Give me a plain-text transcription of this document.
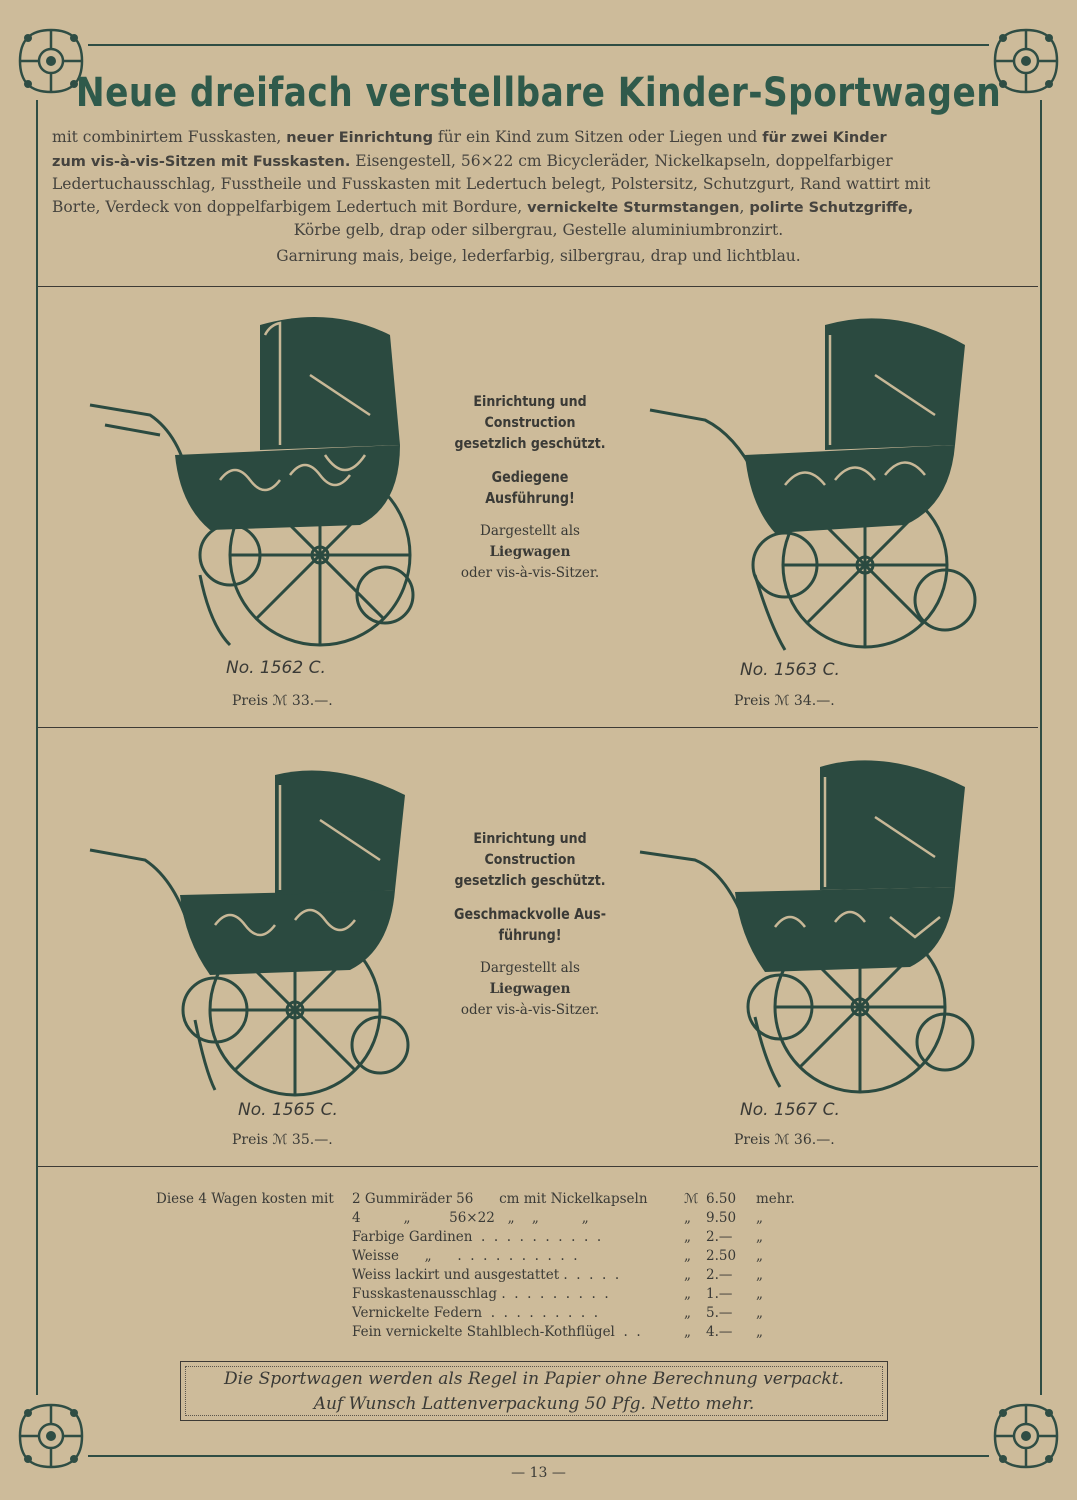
Neue dreifach verstellbare Kinder-Sportwagen
mit combinirtem Fusskasten, neuer Einrichtung für ein Kind zum Sitzen oder Liegen und für zwei Kinder
zum vis-à-vis-Sitzen mit Fusskasten. Eisengestell, 56×22 cm Bicycleräder, Nickelkapseln, doppelfarbiger
Ledertuchausschlag, Fusstheile und Fusskasten mit Ledertuch belegt, Polstersitz, Schutzgurt, Rand wattirt mit
Borte, Verdeck von doppelfarbigem Ledertuch mit Bordure, vernickelte Sturmstangen, polirte Schutzgriffe,
Körbe gelb, drap oder silbergrau, Gestelle aluminiumbronzirt.
Garnirung mais, beige, lederfarbig, silbergrau, drap und lichtblau.
No. 1562 C.
Preis ℳ 33.—.
Einrichtung und
Construction
gesetzlich geschützt.
Gediegene Ausführung!
Dargestellt als
Liegwagen
oder vis-à-vis-Sitzer.
No. 1563 C.
Preis ℳ 34.—.
No. 1565 C.
Preis ℳ 35.—.
Einrichtung und
Construction
gesetzlich geschützt.
Geschmackvolle Aus-
führung!
Dargestellt als
Liegwagen
oder vis-à-vis-Sitzer.
No. 1567 C.
Preis ℳ 36.—.
Diese 4 Wagen kosten mit 2 Gummiräder 56      cm mit Nickelkapseln	ℳ 6.50 mehr.
4          „         56×22   „    „          „	„ 9.50 „
Farbige Gardinen  .  .  .  .  .  .  .  .  .  .	„ 2.— „
Weisse      „      .  .  .  .  .  .  .  .  .  .	„ 2.50 „
Weiss lackirt und ausgestattet .  .  .  .  .	„ 2.— „
Fusskastenausschlag .  .  .  .  .  .  .  .  .	„ 1.— „
Vernickelte Federn  .  .  .  .  .  .  .  .  .	„ 5.— „
Fein vernickelte Stahlblech-Kothflügel  .  .	„ 4.— „
Die Sportwagen werden als Regel in Papier ohne Berechnung verpackt.
Auf Wunsch Lattenverpackung 50 Pfg. Netto mehr.
— 13 —
